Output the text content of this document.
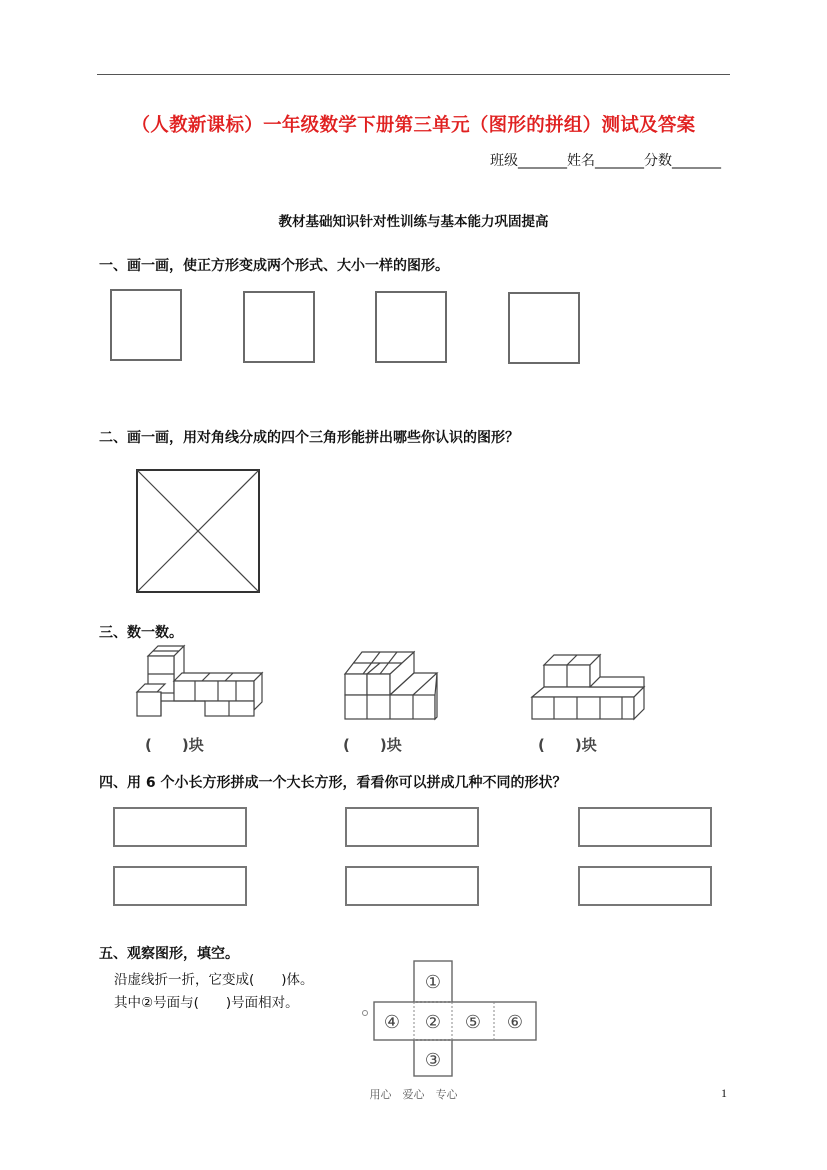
（人教新课标）一年级数学下册第三单元（图形的拼组）测试及答案
班级_______姓名_______分数_______
教材基础知识针对性训练与基本能力巩固提高
一、画一画，使正方形变成两个形式、大小一样的图形。
二、画一画，用对角线分成的四个三角形能拼出哪些你认识的图形？
三、数一数。
(　　)块	(　　)块	(　　)块
四、用 6 个小长方形拼成一个大长方形，看看你可以拼成几种不同的形状？
五、观察图形，填空。
沿虚线折一折，它变成(　　)体。
其中②号面与(　　)号面相对。
①
②
③
④	⑤ ⑥
用心　爱心　专心	1
